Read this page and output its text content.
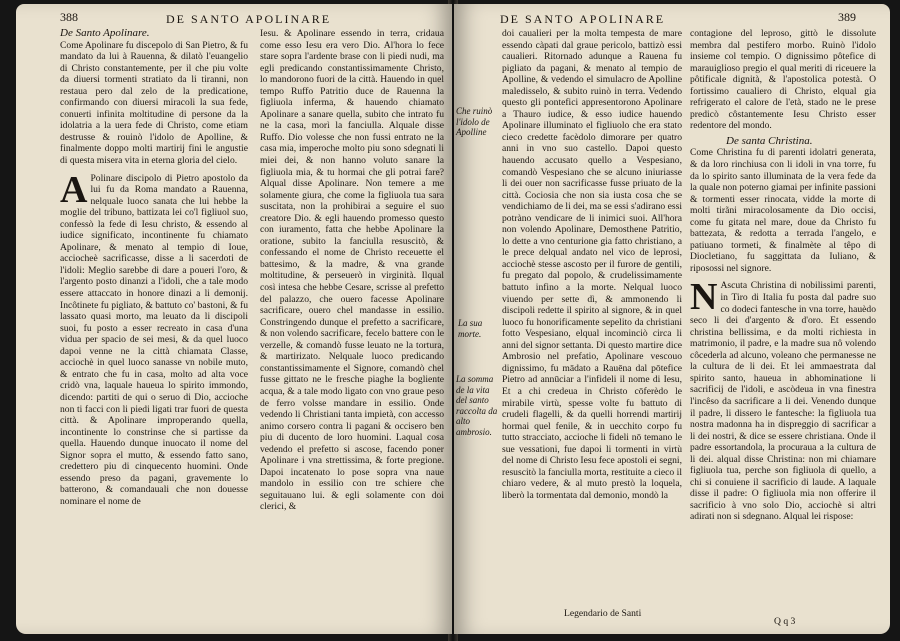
388	DE SANTO APOLINARE

De Santo Apolinare.

Come Apolinare fu discepolo di San Pietro, & fu mandato da lui à Rauenna, & dilatò l'euangelio di Christo constantemente, per il che piu volte da diuersi tormenti stratiato da li tiranni, non restaua pero dal zelo de la predicatione, confirmando con diuersi miracoli la sua fede, conuerti infinita moltitudine di persone da la idolatria a la uera fede di Christo, come etiam destrusse & rouinò l'idolo de Apolline, & finalmente doppo molti martirij fini le angustie di questa misera vita in eterna gloria del cielo.

A Polinare discipolo di Pietro apostolo da lui fu da Roma mandato a Rauenna, nelquale luoco sanata che lui hebbe la moglie del tribuno, battizata lei co'l figliuol suo, confessò la fede di Iesu christo, & essendo al iudice significato, incontinente fu chiamato Apolinare, & menato al tempio di Ioue, acciocheè sacrificasse, disse a li sacerdoti de l'idoli: Meglio sarebbe di dare a poueri l'oro, & l'argento posto dinanzi a l'idoli, che a tale modo essere attaccato in honore dinazi a li demonij. Incôtinete fu pigliato, & battuto co' bastoni, & fu lassato quasi morto, ma leuato da li discipoli suoi, fu posto a esser recreato in casa d'una vidua per spacio de sei mesi, & da quel luoco dapoi venne ne la città chiamata Classe, acciochè in quel luoco sanasse vn nobile muto, & entrato che fu in casa, molto ad alta voce cridò vna, laquale haueua lo spirito immondo, dicendo: partiti de qui o seruo di Dio, accioche non ti facci con li piedi ligati trar fuori de questa città. & Apolinare improperando quella, incontinente lo constrinse che si partisse da quella. Hauendo dunque inuocato il nome del Signor sopra el mutto, & essendo fatto sano, credettero piu di cinquecento huomini. Onde essendo preso da pagani, gravemente lo batterono, & comandauali che non douesse nominare el nome de

Iesu. & Apolinare essendo in terra, cridaua come esso Iesu era vero Dio. Al'hora lo fece stare sopra l'ardente brase con li piedi nudi, ma egli predicando constantissimamente Christo, lo mandorono fuori de la città. Hauendo in quel tempo Ruffo Patritio duce de Rauenna la figliuola inferma, & hauendo chiamato Apolinare a sanare quella, subito che intrato fu ne la casa, morì la fanciulla. Alquale disse Ruffo. Dio volesse che non fussi entrato ne la casa mia, imperoche molto piu sono sdegnati li miei dei, & non hanno voluto sanare la figliuola mia, & tu hormai che gli potrai fare? Alqual disse Apolinare. Non temere a me solamente giura, che come la figliuola tua sara suscitata, non la prohibirai a seguire el suo creatore Dio. & egli hauendo promesso questo con iuramento, fatta che hebbe Apolinare la oratione, subito la fanciulla resuscitò, & confessando el nome de Christo receuette el battesimo, & la madre, & vna grande moltitudine, & perseuerò in virginità. Ilqual così intesa che hebbe Cesare, scrisse al prefetto del palazzo, che ouero facesse Apolinare sacrificare, ouero chel mandasse in essilio. Constringendo dunque el prefetto a sacrificare, & non volendo sacrificare, fecelo battere con le verzelle, & comandò fusse leuato ne la tortura, & martirizato. Nelquale luoco predicando constantissimamente el Signore, comandò chel fusse gittato ne le fresche piaghe la bogliente acqua, & a tale modo ligato con vno graue peso de ferro volsse mandare in essilio. Onde vedendo li Christiani tanta impietà, con accesso animo corsero contra li pagani & occisero ben piu di ducento de loro huomini. Laqual cosa vedendo el prefetto si ascose, facendo poner Apolinare i vna strettissima, & forte pregione. Dapoi incatenato lo pose sopra vna naue mandolo in essilio con tre schiere che seguitauano lui. & egli solamente con doi clerici, &

DE SANTO APOLINARE	389
Che ruinò l'idolo de Apolline
La sua morte.
La somma de la vita del santo raccolta da alto ambrosio.

doi caualieri per la molta tempesta de mare essendo càpati dal graue pericolo, battizò essi caualieri. Ritornado adunque a Rauena fu pigliato da pagani, & menato al tempio de Apolline, & vedendo el simulacro de Apolline maledisselo, & subito ruinò in terra. Vedendo questo gli pontefici appresentorono Apolinare a Thauro iudice, & esso iudice hauendo Apolinare illuminato el figliuolo che era stato cieco credette facèdolo dimorare per quatro anni in vno suo castello. Dapoi questo hauendo accusato quello a Vespesiano, comandò Vespesiano che se alcuno iniuriasse li dei ouer non sacrificasse fusse priuato de la città. Cociosia che non sia iusta cosa che se vendichiamo de li dei, ma se essi s'adirano essi potràno vendicare de li inimici suoi. All'hora non volendo Apolinare, Demosthene Patritio, lo dette a vno centurione gia fatto christiano, a le prece delqual andato nel vico de leprosi, acciochè stesse ascosto per il furore de gentili, fu pregato dal popolo, & crudelissimamente battuto infino a la morte. Nelqual luoco viuendo per sette dì, & ammonendo li discipoli redette il spirito al signore, & in quel luoco fu honorificamente sepelito da christiani fotto Vespesiano, elqual incominciò circa li anni del signor settanta. Di questo martire dice Ambrosio nel prefatio, Apolinare vescouo dignissimo, fu mādato a Rauēna dal pōtefice Pietro ad annūciar a l'infideli il nome di Iesu, Et a chi credeua in Christo cōferèdo le mirabile virtù, spesse volte fu battuto di crudeli flagelli, & da quelli horrendi martirij hormai quel fenile, & in uecchito corpo fu tutto stracciato, accioche li fideli nō temano le sue vessationi, fue dapoi li tormenti in virtù del nome di Christo Iesu fece apostoli ei segni, resuscitò la fanciulla morta, restituite a cieco il chiaro vedere, & al muto prestò la loquela, liberò la tormentata dal demonio, mondò la

Legendario de Santi

contagione del leproso, gittò le dissolute membra dal pestifero morbo. Ruinò l'idolo insieme col tempio. O dignissimo pôtefice di marauiglioso pregio el qual meriti di riceuere la pôtificale dignità, & l'apostolica potestà. O fortissimo caualiero di Christo, elqual gia refrigerato el calore de l'età, stado ne le prese predicò côstantemente Iesu Christo esser redentore del mondo.

De santa Christina.

Come Christina fu di parenti idolatri generata, & da loro rinchiusa con li idoli in vna torre, fu da lo spirito santo illuminata de la vera fede da la quale non poterno giamai per infinite passioni & tormenti esser rinocata, vidde la morte di molti tirãni miracolosamente da Dio occisi, come fu gitata nel mare, doue da Christo fu battezata, & redotta a terrada l'angelo, e patiuano tormeti, & finalmète al têpo di Diocletiano, fu saggittata da Iuliano, & riposossi nel signore.

N Ascuta Christina di nobilissimi parenti, in Tiro di Italia fu posta dal padre suo co dodeci fantesche in vna torre, hauèdo seco li dei d'argento & d'oro. Et essendo christina bellissima, e da molti richiesta in matrimonio, il padre, e la madre sua nô volendo côcederla ad alcuno, voleano che permanesse ne la cultura de li dei. Et lei ammaestrata dal spirito santo, haueua in abhominatione li sacrificij de l'idoli, e ascòdeua in vna finestra l'incêso da sacrificare a li dei. Venendo dunque il padre, li dissero le fantesche: la figliuola tua nostra madonna ha in dispreggio di sacrificar a li dei nostri, & dice se essere christiana. Onde il padre essortandola, la procuraua a la cultura de li dei. alqual disse Christina: non mi chiamare figliuola tua, perche son figliuola di quello, a chi si conuiene il sacrificio di laude. A laquale disse il padre: O figliuola mia non offerire il sacrificio à vno solo Dio, acciochè si altri adirati non si sdegnano. Alqual lei rispose:

Q q 3
